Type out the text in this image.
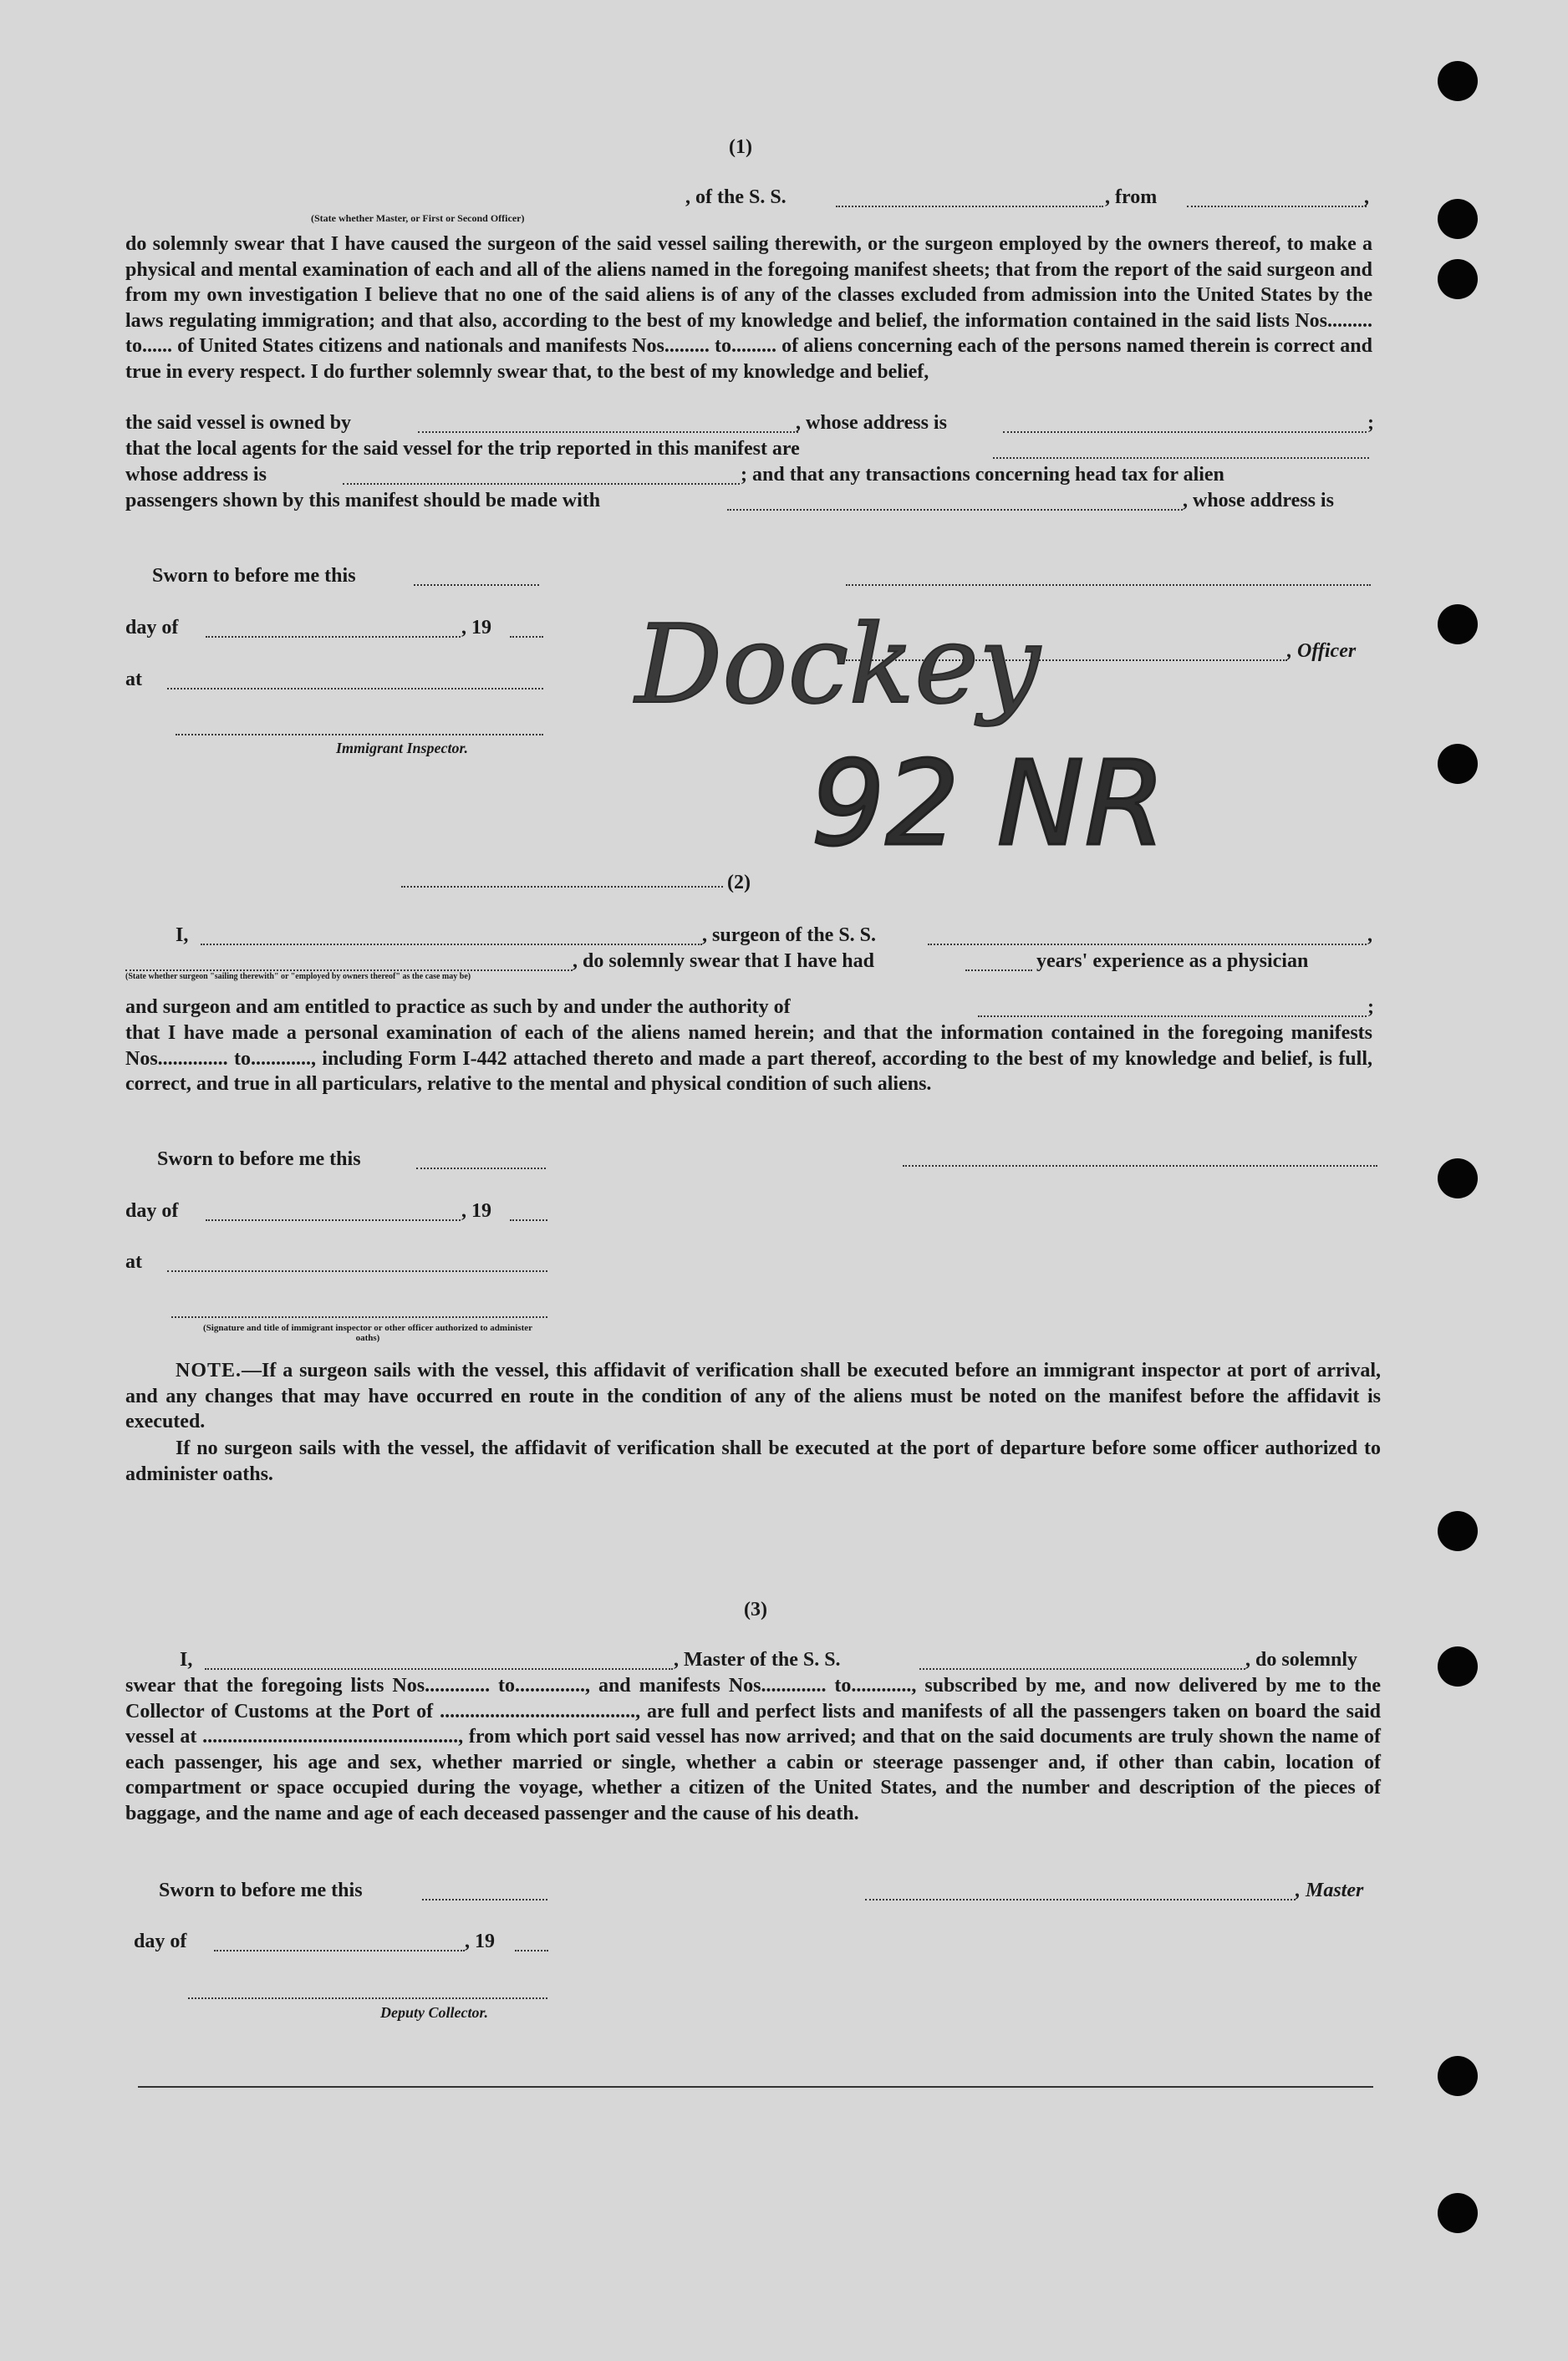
(1)
, of the S. S.	, from	,
(State whether Master, or First or Second Officer)
do solemnly swear that I have caused the surgeon of the said vessel sailing therewith, or the surgeon employed by the owners thereof, to make a physical and mental examination of each and all of the aliens named in the foregoing manifest sheets; that from the report of the said surgeon and from my own investigation I believe that no one of the said aliens is of any of the classes excluded from admission into the United States by the laws regulating immigration; and that also, according to the best of my knowledge and belief, the information contained in the said lists Nos......... to...... of United States citizens and nationals and manifests Nos......... to......... of aliens concerning each of the persons named therein is correct and true in every respect. I do further solemnly swear that, to the best of my knowledge and belief,
the said vessel is owned by	, whose address is	;
that the local agents for the said vessel for the trip reported in this manifest are
whose address is	; and that any transactions concerning head tax for alien
passengers shown by this manifest should be made with	, whose address is
Sworn to before me this
day of	, 19
, Officer
at
Immigrant Inspector.
Dockey
92 NR
(2)
I,	, surgeon of the S. S.	,
, do solemnly swear that I have had	years' experience as a physician
(State whether surgeon "sailing therewith" or "employed by owners thereof" as the case may be)
and surgeon and am entitled to practice as such by and under the authority of	;
that I have made a personal examination of each of the aliens named herein; and that the information contained in the foregoing manifests Nos.............. to............, including Form I-442 attached thereto and made a part thereof, according to the best of my knowledge and belief, is full, correct, and true in all particulars, relative to the mental and physical condition of such aliens.
Sworn to before me this
day of	, 19
at
(Signature and title of immigrant inspector or other officer authorized to administer oaths)
NOTE.—If a surgeon sails with the vessel, this affidavit of verification shall be executed before an immigrant inspector at port of arrival, and any changes that may have occurred en route in the condition of any of the aliens must be noted on the manifest before the affidavit is executed.
If no surgeon sails with the vessel, the affidavit of verification shall be executed at the port of departure before some officer authorized to administer oaths.
(3)
I,	, Master of the S. S.	, do solemnly
swear that the foregoing lists Nos............. to.............., and manifests Nos............. to............, subscribed by me, and now delivered by me to the Collector of Customs at the Port of ......................................., are full and perfect lists and manifests of all the passengers taken on board the said vessel at ..................................................., from which port said vessel has now arrived; and that on the said documents are truly shown the name of each passenger, his age and sex, whether married or single, whether a cabin or steerage passenger and, if other than cabin, location of compartment or space occupied during the voyage, whether a citizen of the United States, and the number and description of the pieces of baggage, and the name and age of each deceased passenger and the cause of his death.
Sworn to before me this	, Master
day of	, 19
Deputy Collector.
